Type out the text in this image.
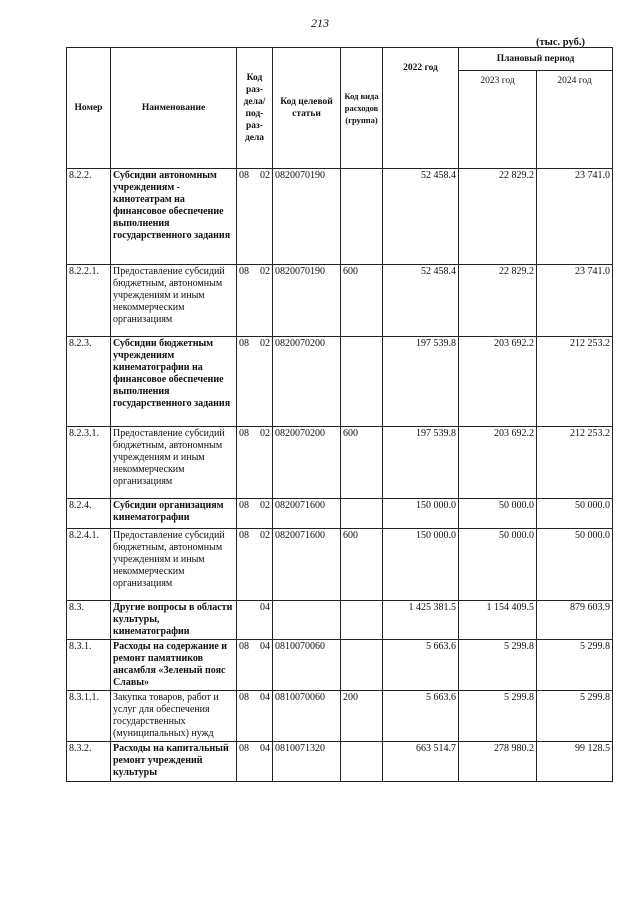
213
(тыс. руб.)
Номер	Наименование	Код раз- дела/ под- раз- дела	Код целевой статьи	Код вида расходов (группа)	2022 год	Плановый период	
						2023 год	2024 год
8.2.2.	Субсидии автономным учреждениям - кинотеатрам на финансовое обеспечение выполнения государственного задания	08 02	0820070190		52 458.4	22 829.2	23 741.0
8.2.2.1.	Предоставление субсидий бюджетным, автономным учреждениям и иным некоммерческим организациям	08 02	0820070190	600	52 458.4	22 829.2	23 741.0
8.2.3.	Субсидии бюджетным учреждениям кинематографии на финансовое обеспечение выполнения государственного задания	08 02	0820070200		197 539.8	203 692.2	212 253.2
8.2.3.1.	Предоставление субсидий бюджетным, автономным учреждениям и иным некоммерческим организациям	08 02	0820070200	600	197 539.8	203 692.2	212 253.2
8.2.4.	Субсидии организациям кинематографии	08 02	0820071600		150 000.0	50 000.0	50 000.0
8.2.4.1.	Предоставление субсидий бюджетным, автономным учреждениям и иным некоммерческим организациям	08 02	0820071600	600	150 000.0	50 000.0	50 000.0
8.3.	Другие вопросы в области культуры, кинематографии	04			1 425 381.5	1 154 409.5	879 603.9
8.3.1.	Расходы на содержание и ремонт памятников ансамбля «Зеленый пояс Славы»	08 04	0810070060		5 663.6	5 299.8	5 299.8
8.3.1.1.	Закупка товаров, работ и услуг для обеспечения государственных (муниципальных) нужд	08 04	0810070060	200	5 663.6	5 299.8	5 299.8
8.3.2.	Расходы на капитальный ремонт учреждений культуры	08 04	0810071320		663 514.7	278 980.2	99 128.5
